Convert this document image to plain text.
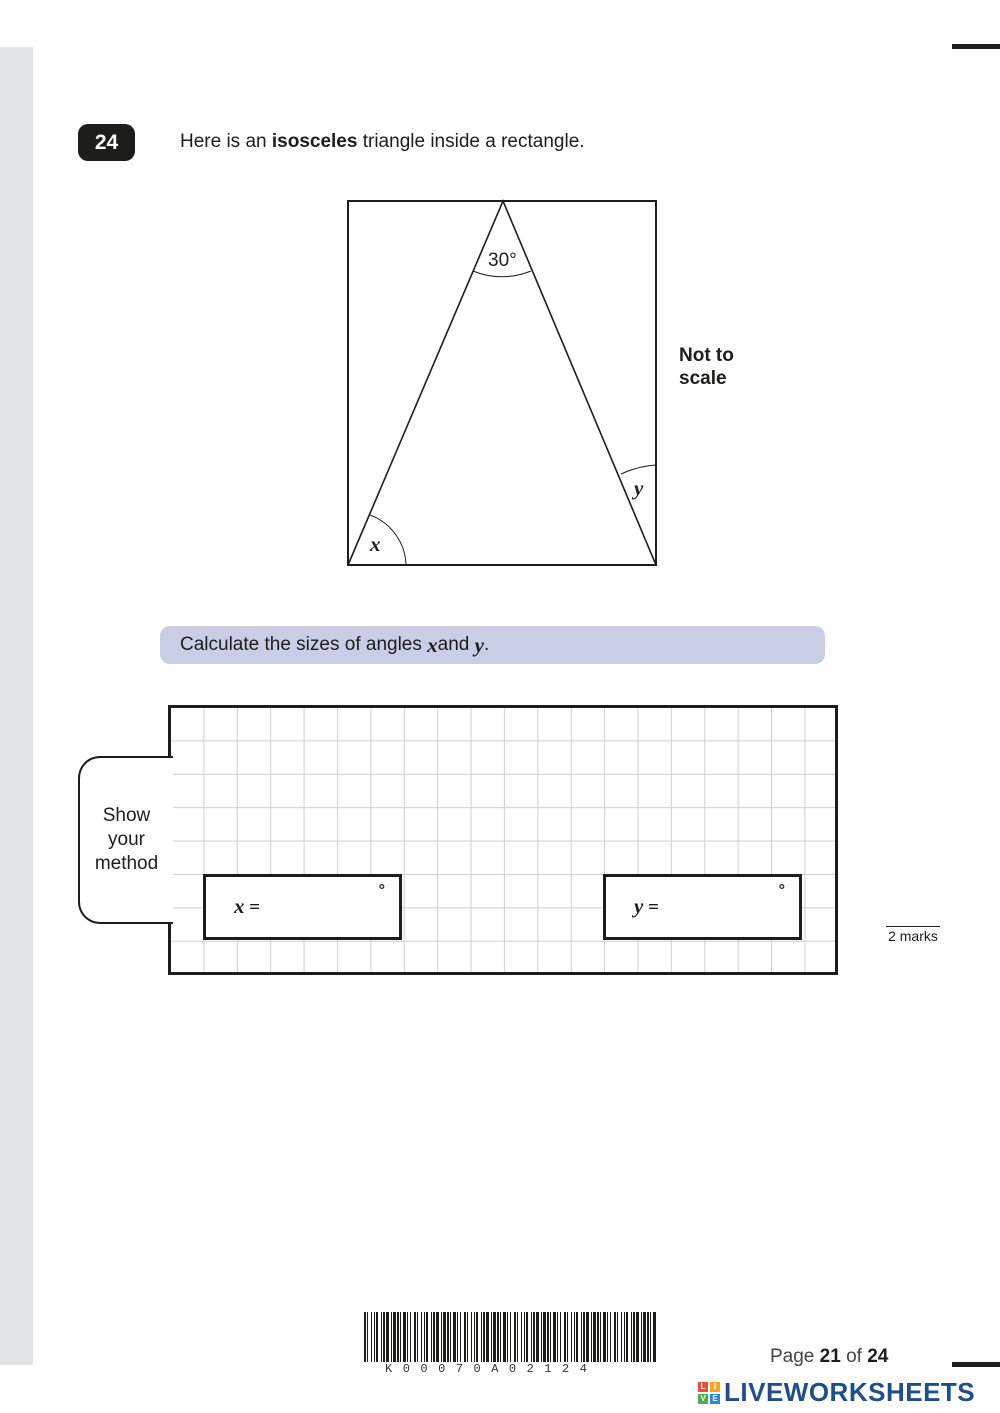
24	Here is an isosceles triangle inside a rectangle.
30°
x
y
Not to
scale
Calculate the sizes of angles
x and
y .
Show
your
method
x =
°
y =
°
2 marks
K00070A02124
Page 21 of 24
L	I
V E LIVEWORKSHEETS
